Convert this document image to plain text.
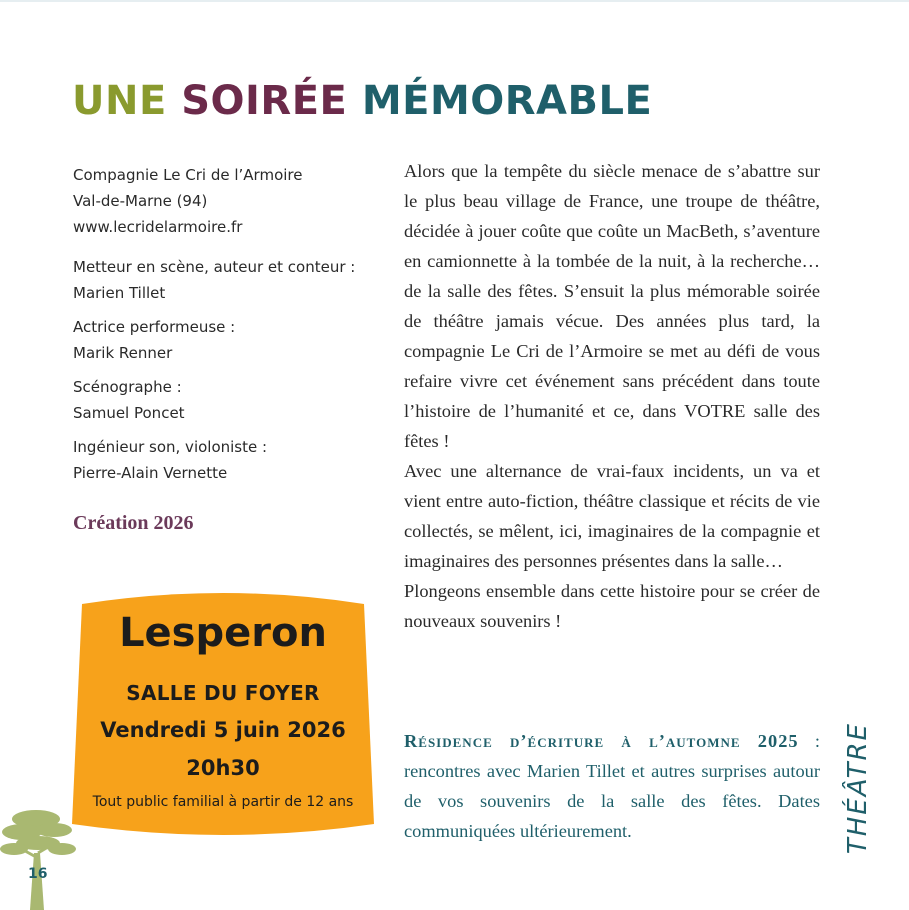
UNE SOIRÉE MÉMORABLE

Compagnie Le Cri de l’Armoire

Val-de-Marne (94)

www.lecridelarmoire.fr

Metteur en scène, auteur et conteur :

Marien Tillet

Actrice performeuse :

Marik Renner

Scénographe :

Samuel Poncet

Ingénieur son, violoniste :

Pierre-Alain Vernette

Création 2026
Lesperon
SALLE DU FOYER
Vendredi 5 juin 2026
20h30
Tout public familial à partir de 12 ans

Alors que la tempête du siècle menace de s’abattre sur le plus beau village de France, une troupe de théâtre, décidée à jouer coûte que coûte un MacBeth, s’aventure en camionnette à la tombée de la nuit, à la recherche… de la salle des fêtes. S’ensuit la plus mémorable soirée de théâtre jamais vécue. Des années plus tard, la compagnie Le Cri de l’Armoire se met au défi de vous refaire vivre cet événement sans précédent dans toute l’histoire de l’humanité et ce, dans VOTRE salle des fêtes !

Avec une alternance de vrai-faux incidents, un va et vient entre auto-fiction, théâtre classique et récits de vie collectés, se mêlent, ici, imaginaires de la compagnie et imaginaires des personnes présentes dans la salle…

Plongeons ensemble dans cette histoire pour se créer de nouveaux souvenirs !

Résidence d’écriture à l’automne 2025 : rencontres avec Marien Tillet et autres surprises autour de vos souvenirs de la salle des fêtes. Dates communiquées ultérieurement.	THÉÂTRE
16
